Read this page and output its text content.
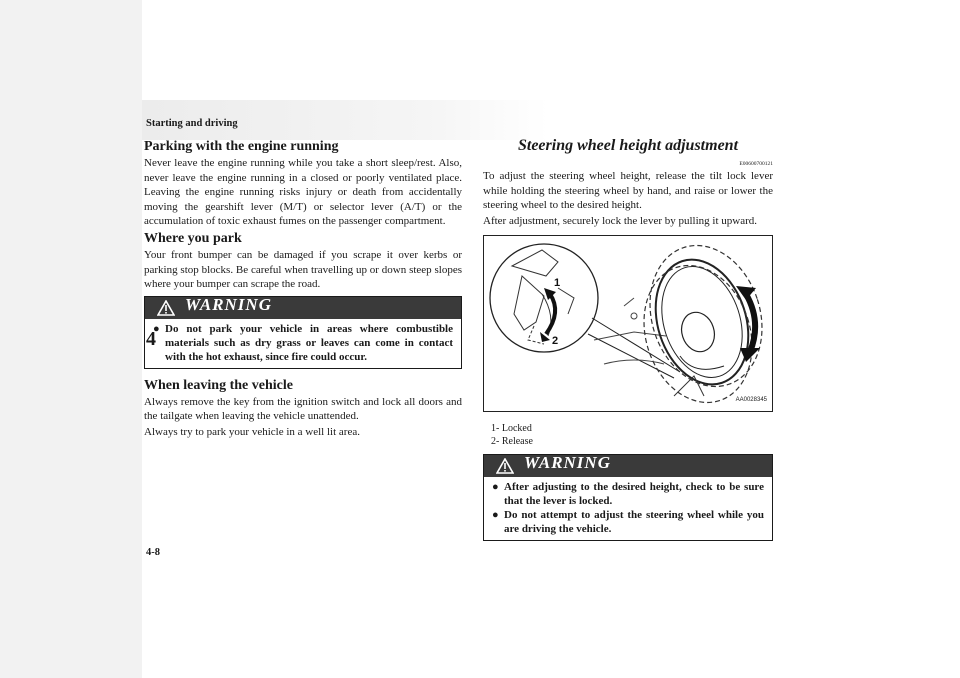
Starting and driving
4
4-8
Parking with the engine running

Never leave the engine running while you take a short sleep/rest. Also, never leave the engine running in a closed or poorly ventilated place. Leaving the engine running risks injury or death from accidentally moving the gearshift lever (M/T) or selector lever (A/T) or the accumulation of toxic exhaust fumes on the passenger compartment.

Where you park

Your front bumper can be damaged if you scrape it over kerbs or parking stop blocks. Be careful when travelling up or down steep slopes where your bumper can scrape the road.

WARNING
● Do not park your vehicle in areas where combustible materials such as dry grass or leaves can come in contact with the hot exhaust, since fire could occur.
When leaving the vehicle

Always remove the key from the ignition switch and lock all doors and the tailgate when leaving the vehicle unattended.

Always try to park your vehicle in a well lit area.

Steering wheel height adjustment
E00600700121

To adjust the steering wheel height, release the tilt lock lever while holding the steering wheel by hand, and raise or lower the steering wheel to the desired height.

After adjustment, securely lock the lever by pulling it upward.

1
2
AA0028345
1- Locked
2- Release
WARNING
● After adjusting to the desired height, check to be sure that the lever is locked.
● Do not attempt to adjust the steering wheel while you are driving the vehicle.
